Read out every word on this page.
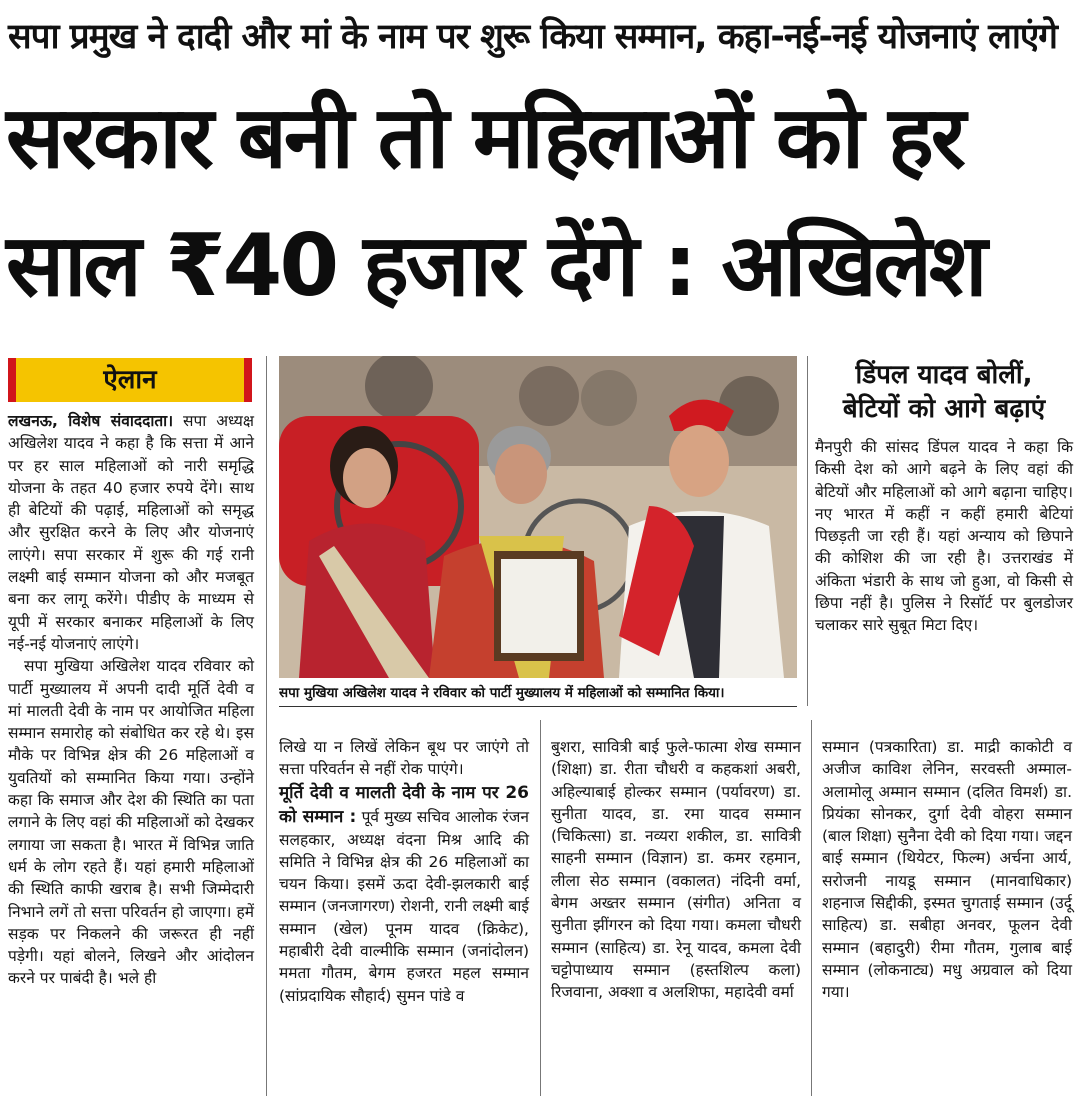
सपा प्रमुख ने दादी और मां के नाम पर शुरू किया सम्मान, कहा-नई-नई योजनाएं लाएंगे
सरकार बनी तो महिलाओं को हर
साल ₹40 हजार देंगे : अखिलेश
ऐलान

लखनऊ, विशेष संवाददाता। सपा अध्यक्ष अखिलेश यादव ने कहा है कि सत्ता में आने पर हर साल महिलाओं को नारी समृद्धि योजना के तहत 40 हजार रुपये देंगे। साथ ही बेटियों की पढ़ाई, महिलाओं को समृद्ध और सुरक्षित करने के लिए और योजनाएं लाएंगे। सपा सरकार में शुरू की गई रानी लक्ष्मी बाई सम्मान योजना को और मजबूत बना कर लागू करेंगे। पीडीए के माध्यम से यूपी में सरकार बनाकर महिलाओं के लिए नई-नई योजनाएं लाएंगे।

सपा मुखिया अखिलेश यादव रविवार को पार्टी मुख्यालय में अपनी दादी मूर्ति देवी व मां मालती देवी के नाम पर आयोजित महिला सम्मान समारोह को संबोधित कर रहे थे। इस मौके पर विभिन्न क्षेत्र की 26 महिलाओं व युवतियों को सम्मानित किया गया। उन्होंने कहा कि समाज और देश की स्थिति का पता लगाने के लिए वहां की महिलाओं को देखकर लगाया जा सकता है। भारत में विभिन्न जाति धर्म के लोग रहते हैं। यहां हमारी महिलाओं की स्थिति काफी खराब है। सभी जिम्मेदारी निभाने लगें तो सत्ता परिवर्तन हो जाएगा। हमें सड़क पर निकलने की जरूरत ही नहीं पड़ेगी। यहां बोलने, लिखने और आंदोलन करने पर पाबंदी है। भले ही

सपा मुखिया अखिलेश यादव ने रविवार को पार्टी मुख्यालय में महिलाओं को सम्मानित किया।
डिंपल यादव बोलीं,
बेटियों को आगे बढ़ाएं

मैनपुरी की सांसद डिंपल यादव ने कहा कि किसी देश को आगे बढ़ने के लिए वहां की बेटियों और महिलाओं को आगे बढ़ाना चाहिए। नए भारत में कहीं न कहीं हमारी बेटियां पिछड़ती जा रही हैं। यहां अन्याय को छिपाने की कोशिश की जा रही है। उत्तराखंड में अंकिता भंडारी के साथ जो हुआ, वो किसी से छिपा नहीं है। पुलिस ने रिसॉर्ट पर बुलडोजर चलाकर सारे सुबूत मिटा दिए।

लिखे या न लिखें लेकिन बूथ पर जाएंगे तो सत्ता परिवर्तन से नहीं रोक पाएंगे।

मूर्ति देवी व मालती देवी के नाम पर 26 को सम्मान : पूर्व मुख्य सचिव आलोक रंजन सलहकार, अध्यक्ष वंदना मिश्र आदि की समिति ने विभिन्न क्षेत्र की 26 महिलाओं का चयन किया। इसमें ऊदा देवी-झलकारी बाई सम्मान (जनजागरण) रोशनी, रानी लक्ष्मी बाई सम्मान (खेल) पूनम यादव (क्रिकेट), महाबीरी देवी वाल्मीकि सम्मान (जनांदोलन) ममता गौतम, बेगम हजरत महल सम्मान (सांप्रदायिक सौहार्द) सुमन पांडे व

बुशरा, सावित्री बाई फुले-फात्मा शेख सम्मान (शिक्षा) डा. रीता चौधरी व कहकशां अबरी, अहिल्याबाई होल्कर सम्मान (पर्यावरण) डा. सुनीता यादव, डा. रमा यादव सम्मान (चिकित्सा) डा. नव्यरा शकील, डा. सावित्री साहनी सम्मान (विज्ञान) डा. कमर रहमान, लीला सेठ सम्मान (वकालत) नंदिनी वर्मा, बेगम अख्तर सम्मान (संगीत) अनिता व सुनीता झींगरन को दिया गया। कमला चौधरी सम्मान (साहित्य) डा. रेनू यादव, कमला देवी चट्टोपाध्याय सम्मान (हस्तशिल्प कला) रिजवाना, अक्शा व अलशिफा, महादेवी वर्मा

सम्मान (पत्रकारिता) डा. माद्री काकोटी व अजीज काविश लेनिन, सरवस्ती अम्माल-अलामोलू अम्मान सम्मान (दलित विमर्श) डा. प्रियंका सोनकर, दुर्गा देवी वोहरा सम्मान (बाल शिक्षा) सुनैना देवी को दिया गया। जद्दन बाई सम्मान (थियेटर, फिल्म) अर्चना आर्य, सरोजनी नायडू सम्मान (मानवाधिकार) शहनाज सिद्दीकी, इस्मत चुगताई सम्मान (उर्दू साहित्य) डा. सबीहा अनवर, फूलन देवी सम्मान (बहादुरी) रीमा गौतम, गुलाब बाई सम्मान (लोकनाट्य) मधु अग्रवाल को दिया गया।
